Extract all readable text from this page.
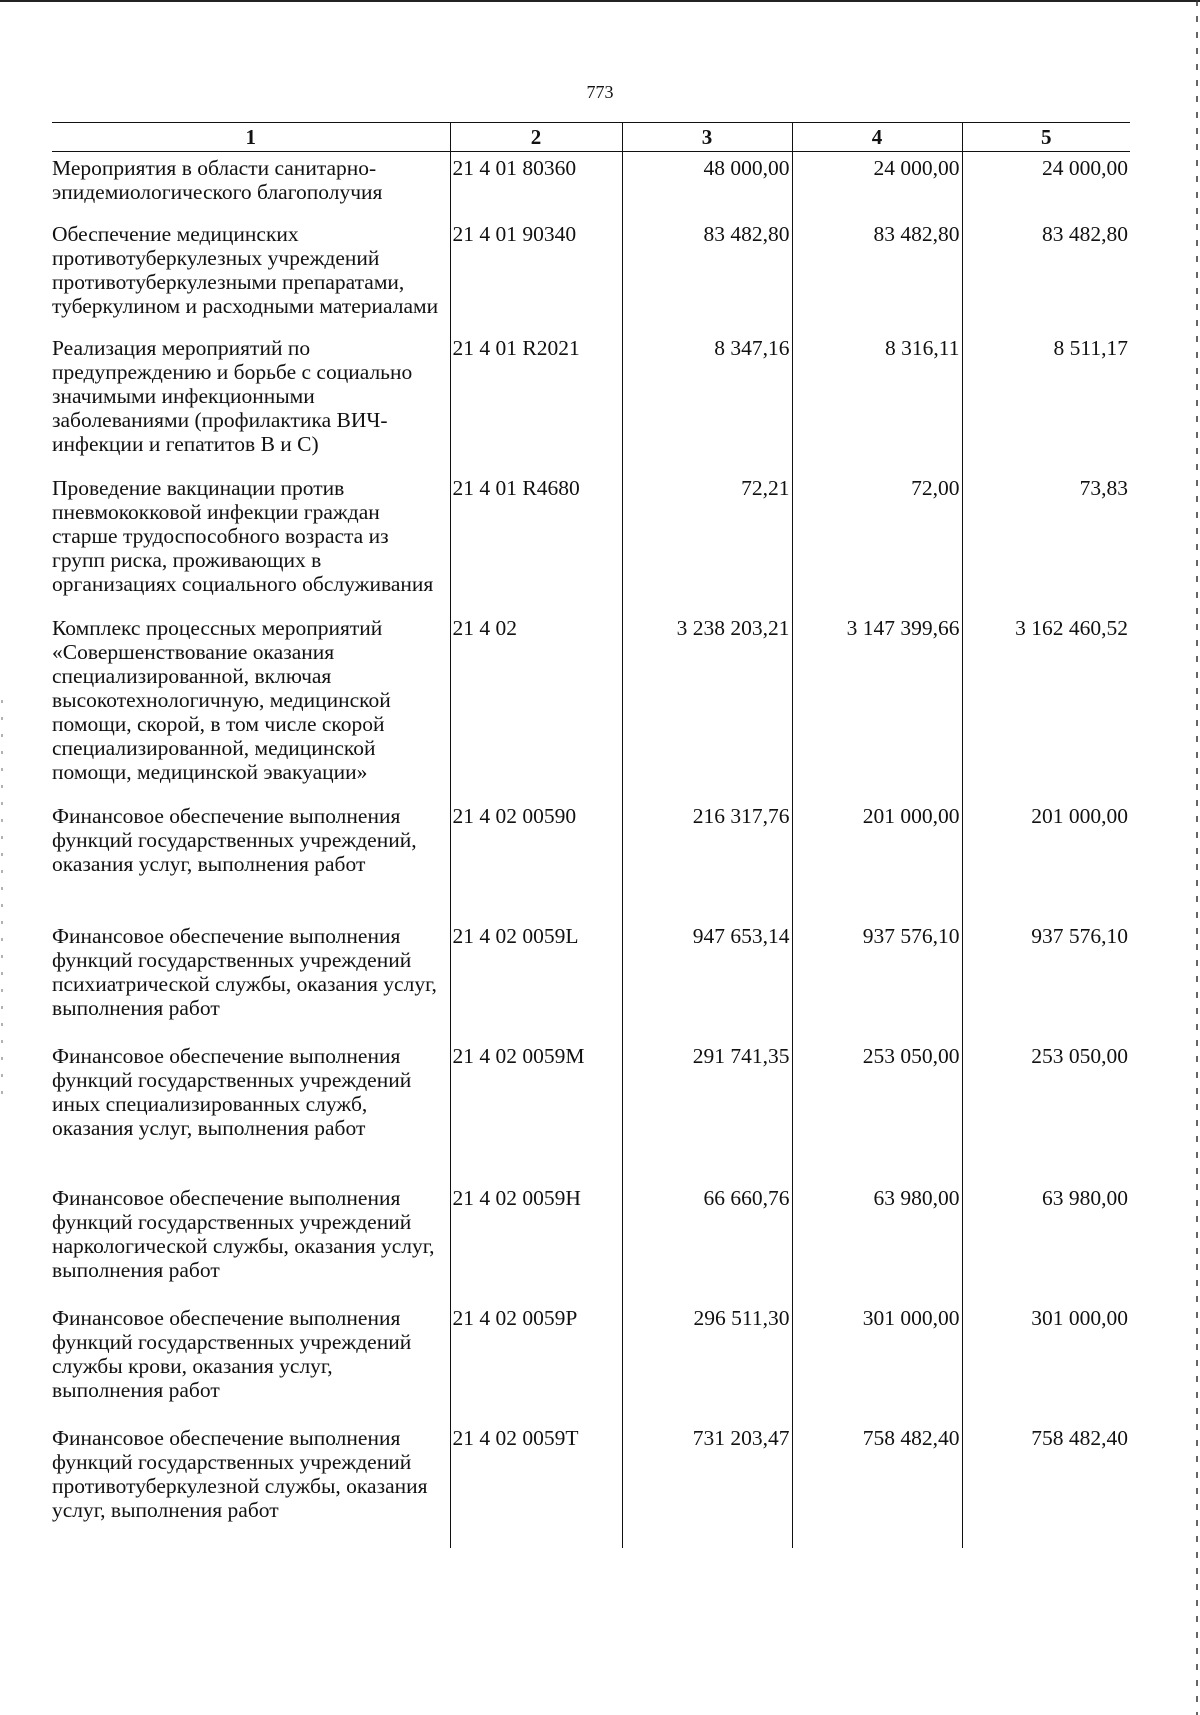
773
1	2	3	4	5
Мероприятия в области санитарно-эпидемиологического благополучия	21 4 01 80360	48 000,00	24 000,00	24 000,00
Обеспечение медицинских противотуберкулезных учреждений противотуберкулезными препаратами, туберкулином и расходными материалами	21 4 01 90340	83 482,80	83 482,80	83 482,80
Реализация мероприятий по предупреждению и борьбе с социально значимыми инфекционными заболеваниями (профилактика ВИЧ-инфекции и гепатитов В и С)	21 4 01 R2021	8 347,16	8 316,11	8 511,17
Проведение вакцинации против пневмококковой инфекции граждан старше трудоспособного возраста из групп риска, проживающих в организациях социального обслуживания	21 4 01 R4680	72,21	72,00	73,83
Комплекс процессных мероприятий «Совершенствование оказания специализированной, включая высокотехнологичную, медицинской помощи, скорой, в том числе скорой специализированной, медицинской помощи, медицинской эвакуации»	21 4 02	3 238 203,21	3 147 399,66	3 162 460,52
Финансовое обеспечение выполнения функций государственных учреждений, оказания услуг, выполнения работ	21 4 02 00590	216 317,76	201 000,00	201 000,00
Финансовое обеспечение выполнения функций государственных учреждений психиатрической службы, оказания услуг, выполнения работ	21 4 02 0059L	947 653,14	937 576,10	937 576,10
Финансовое обеспечение выполнения функций государственных учреждений иных специализированных служб, оказания услуг, выполнения работ	21 4 02 0059M	291 741,35	253 050,00	253 050,00
Финансовое обеспечение выполнения функций государственных учреждений наркологической службы, оказания услуг, выполнения работ	21 4 02 0059H	66 660,76	63 980,00	63 980,00
Финансовое обеспечение выполнения функций государственных учреждений службы крови, оказания услуг, выполнения работ	21 4 02 0059P	296 511,30	301 000,00	301 000,00
Финансовое обеспечение выполнения функций государственных учреждений противотуберкулезной службы, оказания услуг, выполнения работ	21 4 02 0059T	731 203,47	758 482,40	758 482,40
